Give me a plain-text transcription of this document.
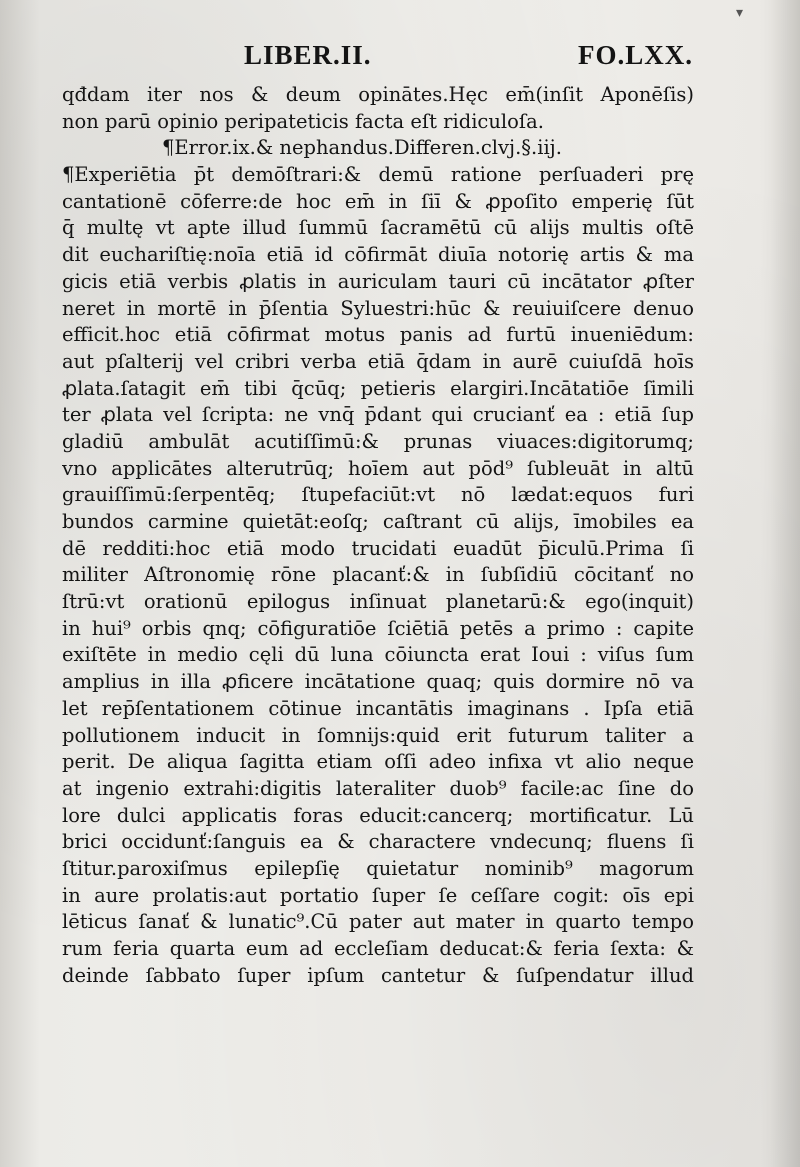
▾
LIBER.II.	FO.LXX.
qđdam iter nos & deum opinātes.Hęc em̄(inſit Aponēſis)
non parū opinio peripateticis facta eſt ridiculoſa.
¶Error.ix.& nephandus.Differen.clvj.§.iij.
¶Experiētia p̄t demōſtrari:& demū ratione perſuaderi prę
cantationē cōferre:de hoc em̄ in ſiī & ꝓpoſito emperię ſūt
q̄ multę vt apte illud ſummū ſacramētū cū alijs multis oſtē
dit euchariſtię:noīa etiā id cōfirmāt diuīa notorię artis & ma
gicis etiā verbis ꝓlatis in auriculam tauri cū incātator ꝓſter
neret in mortē in p̄ſentia Syluestri:hūc & reuiuiſcere denuo
efficit.hoc etiā cōfirmat motus panis ad furtū inueniēdum:
aut pſalterij vel cribri verba etiā q̄dam in aurē cuiuſdā hoīs
ꝓlata.ſatagit em̄ tibi q̄cūq; petieris elargiri.Incātatiōe ſimili
ter ꝓlata vel ſcripta: ne vnq̄ p̄dant qui crucianť ea : etiā ſup
gladiū ambulāt acutiſſimū:& prunas viuaces:digitorumq;
vno applicātes alterutrūq; hoīem aut pōd⁹ ſubleuāt in altū
grauiſſimū:ſerpentēq; ſtupefaciūt:vt nō lædat:equos furi
bundos carmine quietāt:eoſq; caſtrant cū alijs, īmobiles ea
dē redditi:hoc etiā modo trucidati euadūt p̄iculū.Prima ſi
militer Aſtronomię rōne placanť:& in ſubſidiū cōcitanť no
ſtrū:vt orationū epilogus inſinuat planetarū:& ego(inquit)
in hui⁹ orbis qnq; cōfiguratiōe ſciētiā petēs a primo : capite
exiſtēte in medio cęli dū luna cōiuncta erat Ioui : viſus ſum
amplius in illa ꝓficere incātatione quaq; quis dormire nō va
let rep̄ſentationem cōtinue incantātis imaginans . Ipſa etiā
pollutionem inducit in ſomnijs:quid erit futurum taliter a
perit. De aliqua ſagitta etiam oſſi adeo infixa vt alio neque
at ingenio extrahi:digitis lateraliter duob⁹ facile:ac ſine do
lore dulci applicatis foras educit:cancerq; mortificatur. Lū
brici occidunť:ſanguis ea & charactere vndecunq; fluens ſi
ſtitur.paroxiſmus epilepſię quietatur nominib⁹ magorum
in aure prolatis:aut portatio ſuper ſe ceſſare cogit: oīs epi
lēticus ſanať & lunatic⁹.Cū pater aut mater in quarto tempo
rum feria quarta eum ad eccleſiam deducat:& feria ſexta: &
deinde ſabbato ſuper ipſum cantetur & ſuſpendatur illud
